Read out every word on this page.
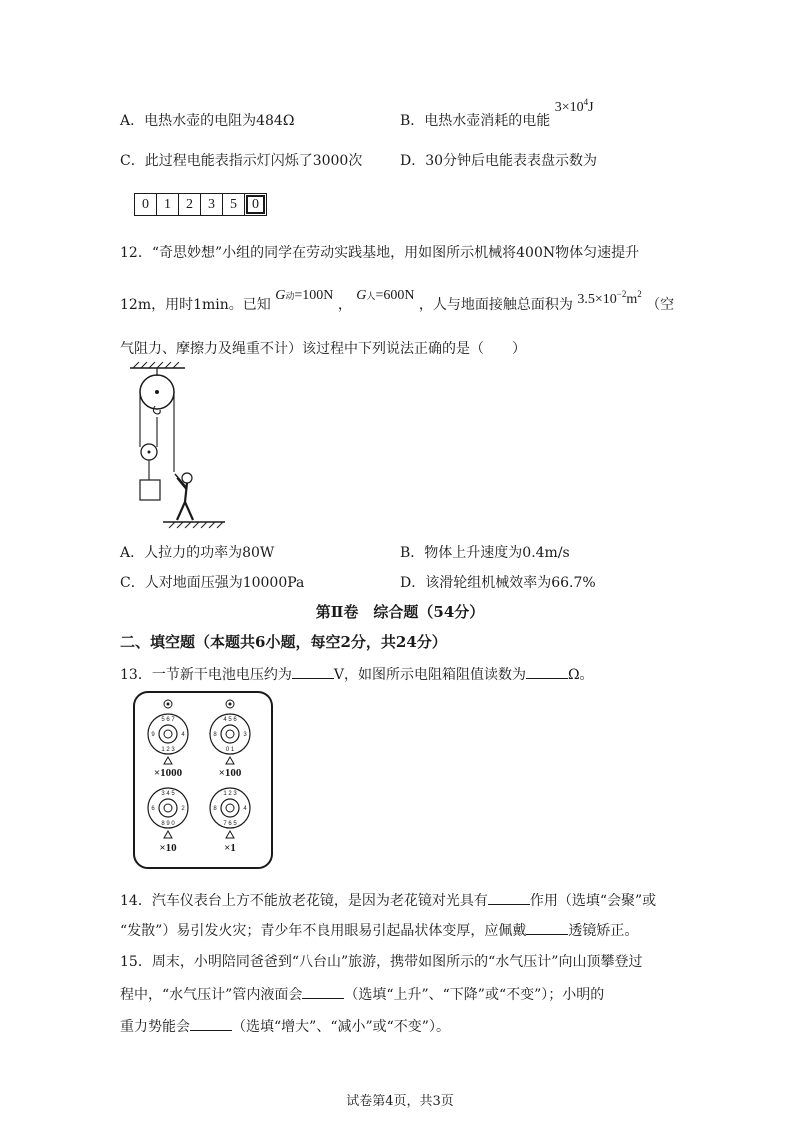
A．电热水壶的电阻为484Ω	B．电热水壶消耗的电能 $3\times 10^4J$
C．此过程电能表指示灯闪烁了3000次	D．30分钟后电能表表盘示数为
0	1	2	3	5	0
12．“奇思妙想”小组的同学在劳动实践基地，用如图所示机械将400N物体匀速提升
12m，用时1min。已知 G动=100N ， G人=600N ，人与地面接触总面积为 $3.5\times 10^{-2}m^2$ （空
气阻力、摩擦力及绳重不计）该过程中下列说法正确的是（　　）
A．人拉力的功率为80W	B．物体上升速度为0.4m/s
C．人对地面压强为10000Pa	D．该滑轮组机械效率为66.7%
第Ⅱ卷　综合题（54分）
二、填空题（本题共6小题，每空2分，共24分）
13．一节新干电池电压约为	V，如图所示电阻箱阻值读数为	Ω。
5 6 7
1 2 3
9	4
4 5 6
0 1
8	3
3 4 5
8 9 0
6	2
1 2 3
7 6 5
8	4
×1000	×100
×10	×1
14．汽车仪表台上方不能放老花镜，是因为老花镜对光具有	作用（选填“会聚”或
“发散”）易引发火灾；青少年不良用眼易引起晶状体变厚，应佩戴	透镜矫正。
15．周末，小明陪同爸爸到“八台山”旅游，携带如图所示的“水气压计”向山顶攀登过
程中，“水气压计”管内液面会	（选填“上升”、“下降”或“不变”）；小明的
重力势能会	（选填“增大”、“减小”或“不变”）。
试卷第4页，共3页
